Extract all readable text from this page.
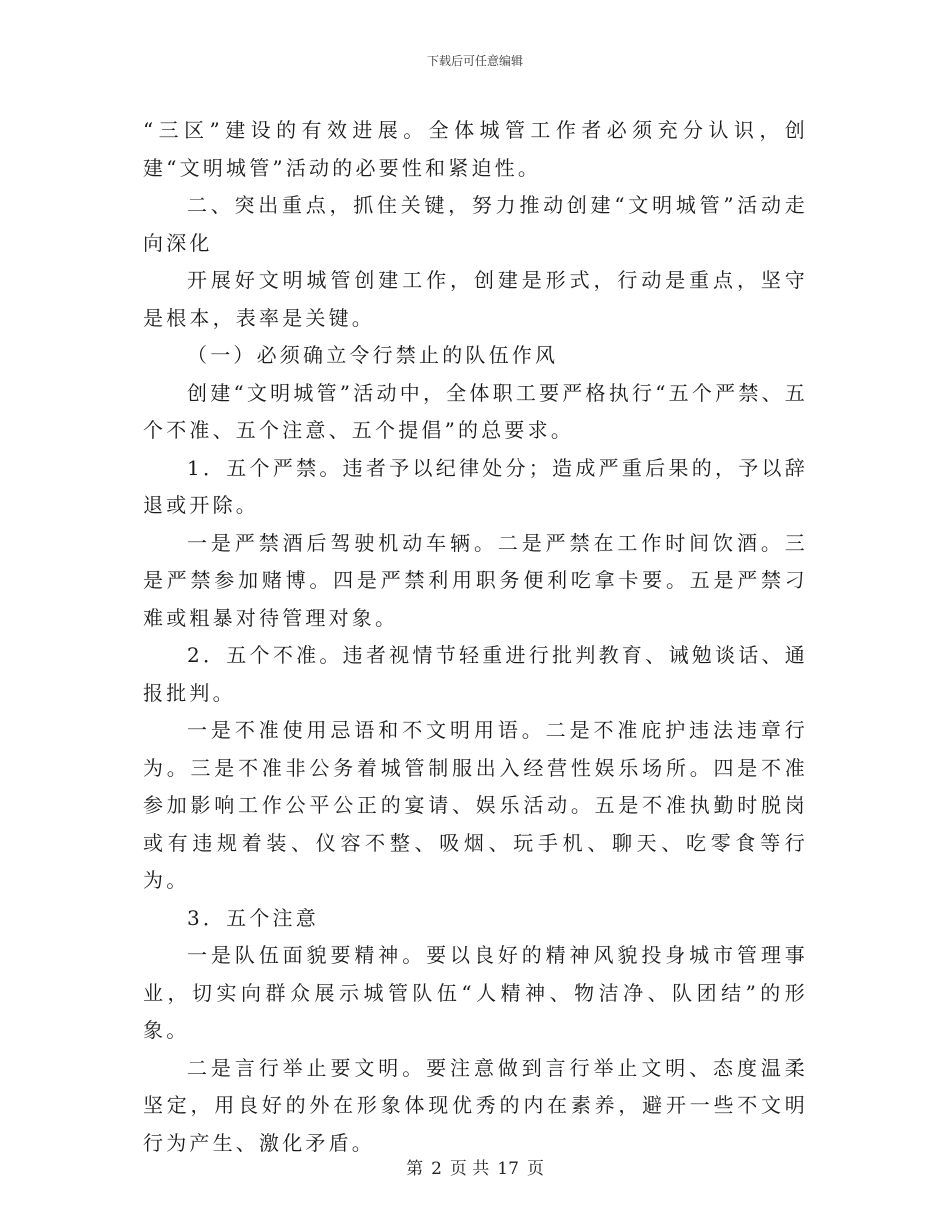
下载后可任意编辑

“三区”建设的有效进展。全体城管工作者必须充分认识，创建“文明城管”活动的必要性和紧迫性。

二、突出重点，抓住关键，努力推动创建“文明城管”活动走向深化

开展好文明城管创建工作，创建是形式，行动是重点，坚守是根本，表率是关键。

（一）必须确立令行禁止的队伍作风

创建“文明城管”活动中，全体职工要严格执行“五个严禁、五个不准、五个注意、五个提倡”的总要求。

1．五个严禁。违者予以纪律处分；造成严重后果的，予以辞退或开除。

一是严禁酒后驾驶机动车辆。二是严禁在工作时间饮酒。三是严禁参加赌博。四是严禁利用职务便利吃拿卡要。五是严禁刁难或粗暴对待管理对象。

2．五个不准。违者视情节轻重进行批判教育、诫勉谈话、通报批判。

一是不准使用忌语和不文明用语。二是不准庇护违法违章行为。三是不准非公务着城管制服出入经营性娱乐场所。四是不准参加影响工作公平公正的宴请、娱乐活动。五是不准执勤时脱岗或有违规着装、仪容不整、吸烟、玩手机、聊天、吃零食等行为。

3．五个注意

一是队伍面貌要精神。要以良好的精神风貌投身城市管理事业，切实向群众展示城管队伍“人精神、物洁净、队团结”的形象。

二是言行举止要文明。要注意做到言行举止文明、态度温柔坚定，用良好的外在形象体现优秀的内在素养，避开一些不文明行为产生、激化矛盾。

第 2 页 共 17 页
